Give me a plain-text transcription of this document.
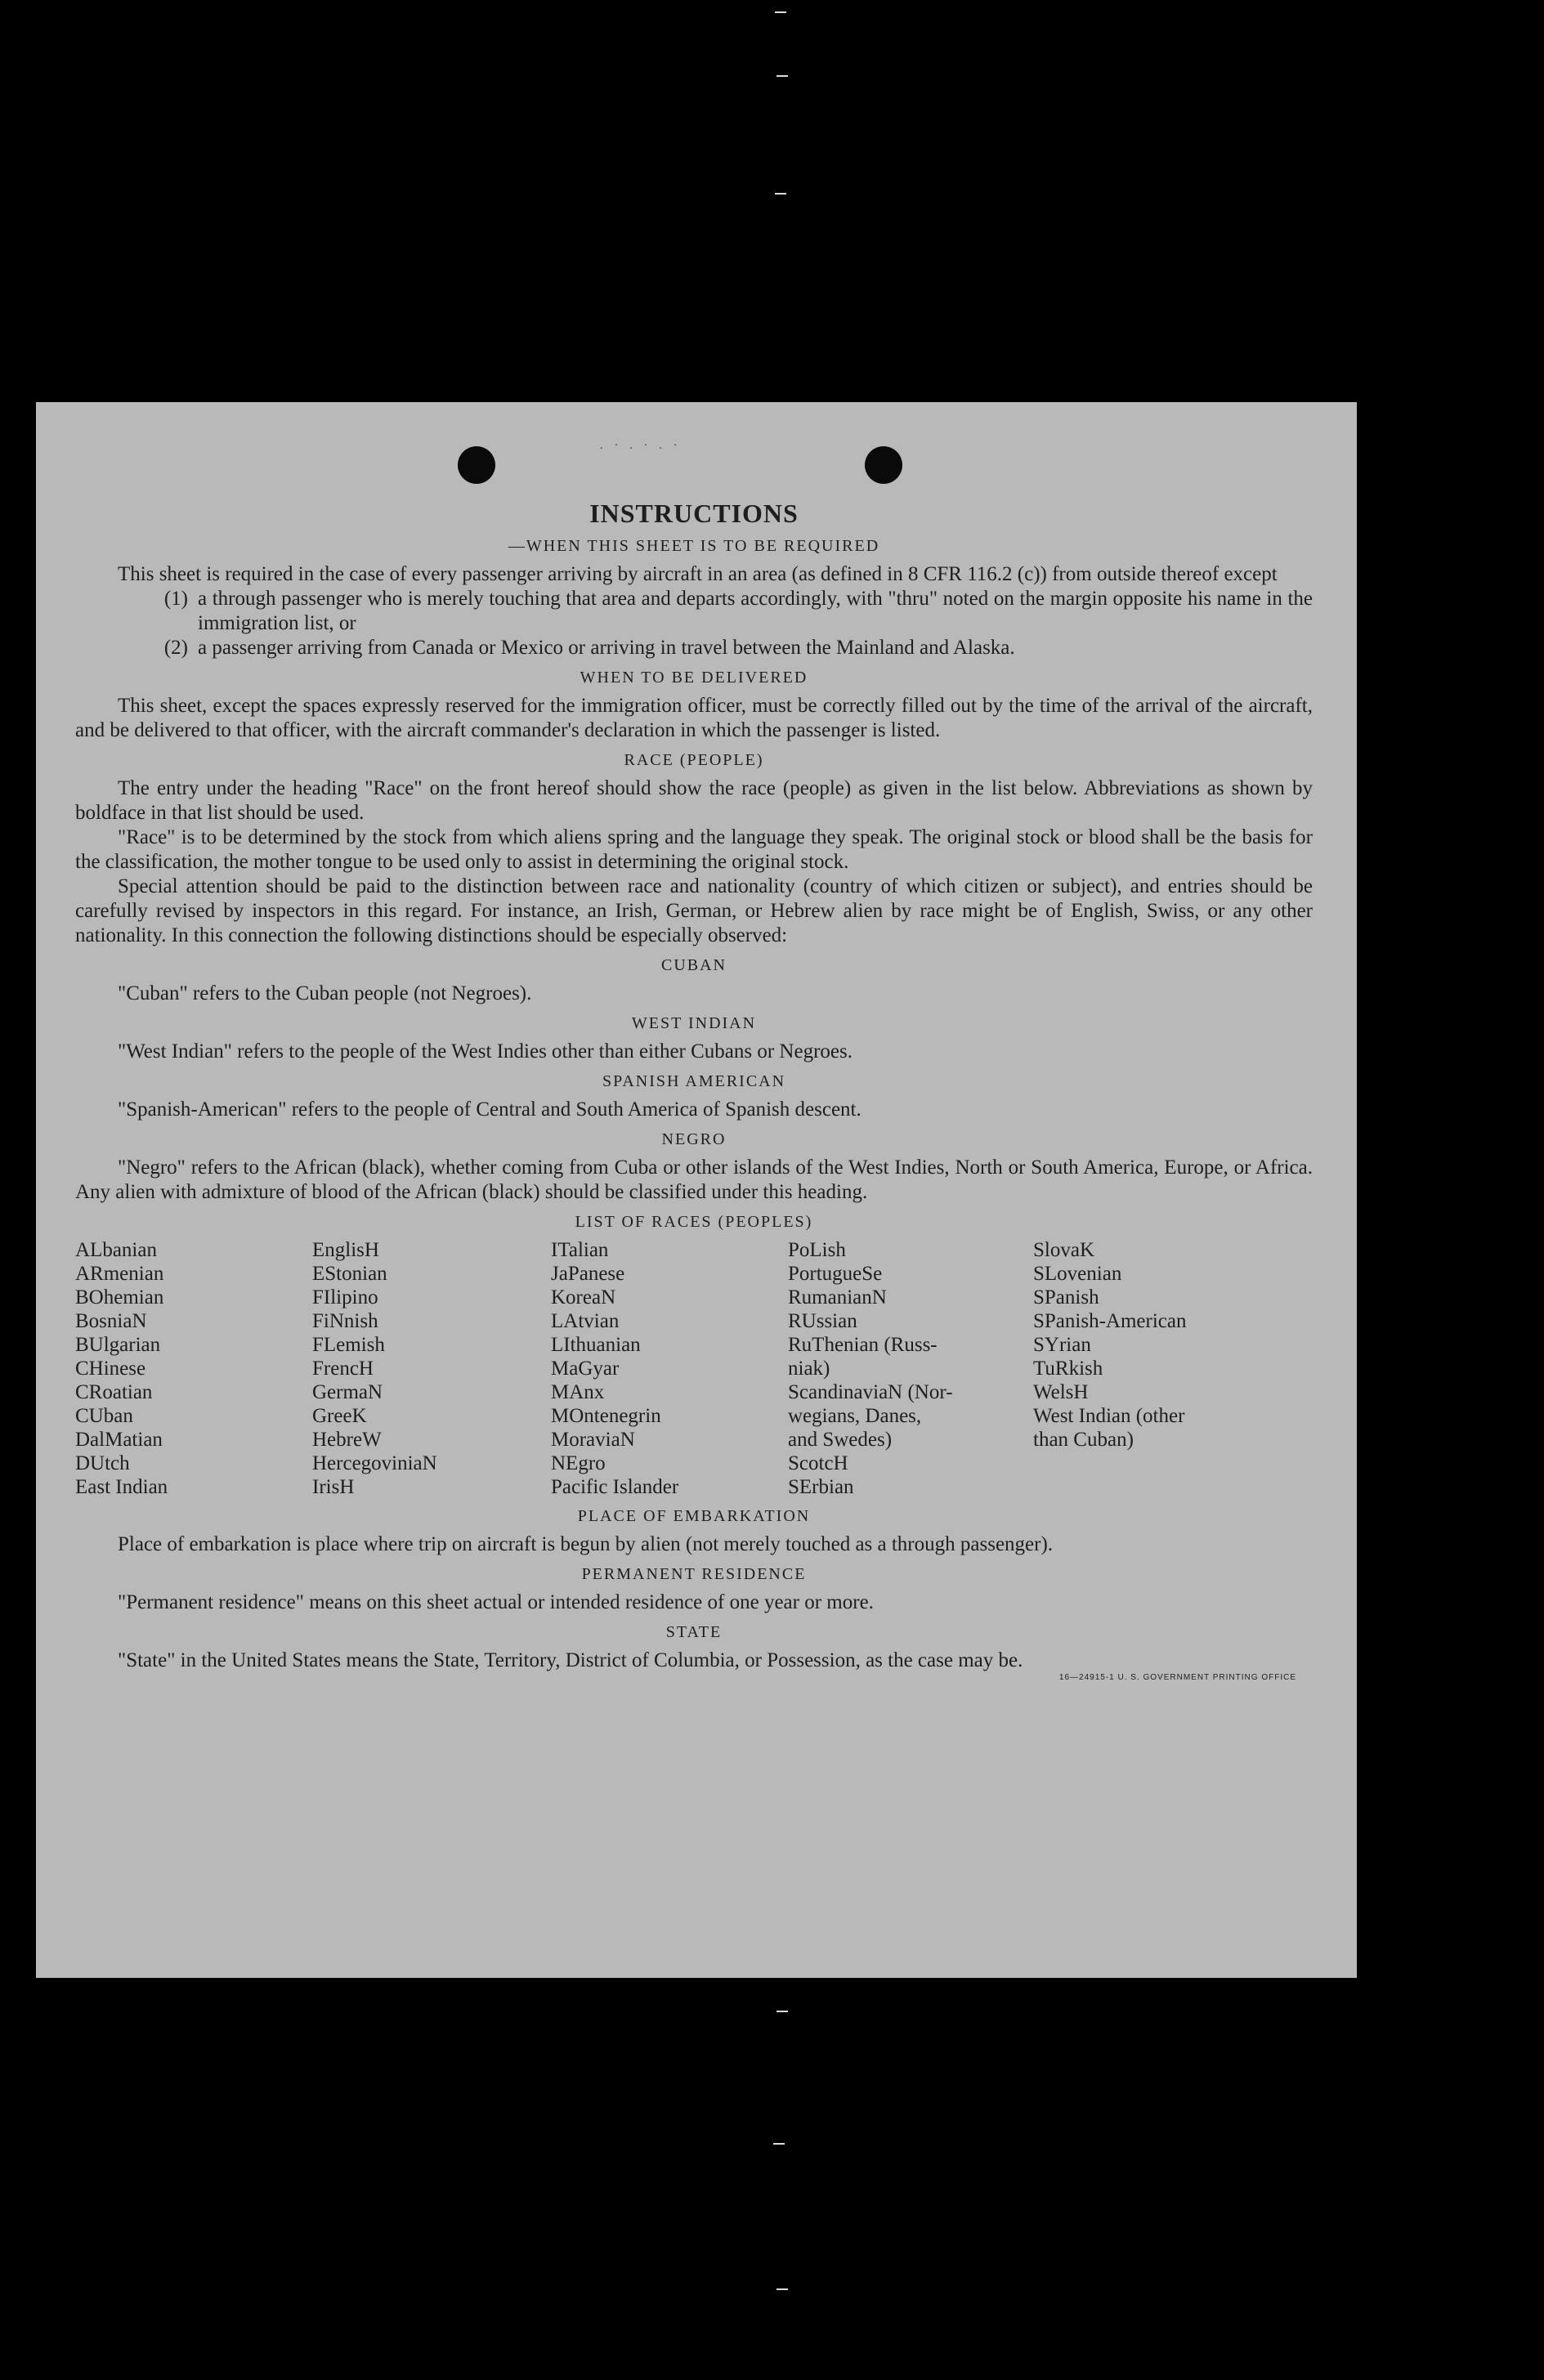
.·.·.·
INSTRUCTIONS
—WHEN THIS SHEET IS TO BE REQUIRED

This sheet is required in the case of every passenger arriving by aircraft in an area (as defined in 8 CFR 116.2 (c)) from outside thereof except

(1) a through passenger who is merely touching that area and departs accordingly, with "thru" noted on the margin opposite his name in the immigration list, or
(2) a passenger arriving from Canada or Mexico or arriving in travel between the Mainland and Alaska.
WHEN TO BE DELIVERED

This sheet, except the spaces expressly reserved for the immigration officer, must be correctly filled out by the time of the arrival of the aircraft, and be delivered to that officer, with the aircraft commander's declaration in which the passenger is listed.

RACE (PEOPLE)

The entry under the heading "Race" on the front hereof should show the race (people) as given in the list below. Abbreviations as shown by boldface in that list should be used.

"Race" is to be determined by the stock from which aliens spring and the language they speak. The original stock or blood shall be the basis for the classification, the mother tongue to be used only to assist in determining the original stock.

Special attention should be paid to the distinction between race and nationality (country of which citizen or subject), and entries should be carefully revised by inspectors in this regard. For instance, an Irish, German, or Hebrew alien by race might be of English, Swiss, or any other nationality. In this connection the following distinctions should be especially observed:

CUBAN

"Cuban" refers to the Cuban people (not Negroes).

WEST INDIAN

"West Indian" refers to the people of the West Indies other than either Cubans or Negroes.

SPANISH AMERICAN

"Spanish-American" refers to the people of Central and South America of Spanish descent.

NEGRO

"Negro" refers to the African (black), whether coming from Cuba or other islands of the West Indies, North or South America, Europe, or Africa. Any alien with admixture of blood of the African (black) should be classified under this heading.

LIST OF RACES (PEOPLES)
ALbanian
ARmenian
BOhemian
BosniaN
BUlgarian
CHinese
CRoatian
CUban
DalMatian
DUtch
East Indian
EnglisH
EStonian
FIlipino
FiNnish
FLemish
FrencH
GermaN
GreeK
HebreW
HercegoviniaN
IrisH
ITalian
JaPanese
KoreaN
LAtvian
LIthuanian
MaGyar
MAnx
MOntenegrin
MoraviaN
NEgro
Pacific Islander
PoLish
PortugueSe
RumanianN
RUssian
RuThenian (Russ-
niak)
ScandinaviaN (Nor-
wegians, Danes,
and Swedes)
ScotcH
SErbian
SlovaK
SLovenian
SPanish
SPanish-American
SYrian
TuRkish
WelsH
West Indian (other
than Cuban)
PLACE OF EMBARKATION

Place of embarkation is place where trip on aircraft is begun by alien (not merely touched as a through passenger).

PERMANENT RESIDENCE

"Permanent residence" means on this sheet actual or intended residence of one year or more.

STATE

"State" in the United States means the State, Territory, District of Columbia, or Possession, as the case may be.

16—24915-1 U. S. GOVERNMENT PRINTING OFFICE
